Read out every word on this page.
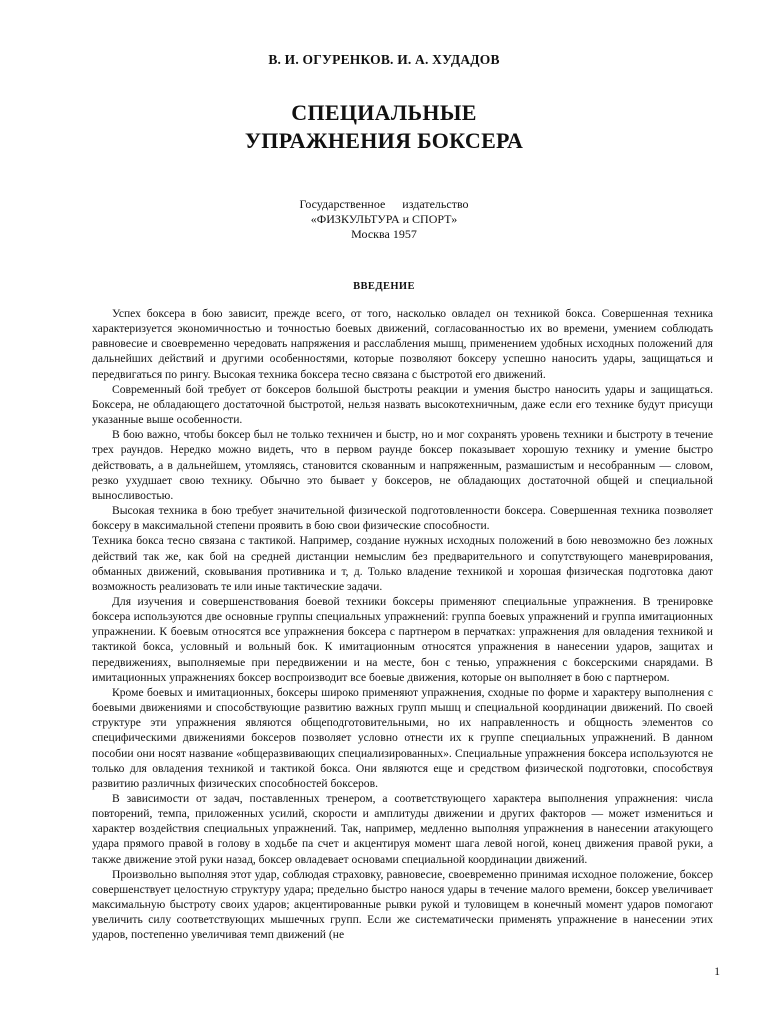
В. И. ОГУРЕНКОВ. И. А. ХУДАДОВ
СПЕЦИАЛЬНЫЕ
УПРАЖНЕНИЯ БОКСЕРА
Государственное издательство
«ФИЗКУЛЬТУРА и СПОРТ»
Москва 1957
ВВЕДЕНИЕ

Успех боксера в бою зависит, прежде всего, от того, насколько овладел он техникой бокса. Совершенная техника характеризуется экономичностью и точностью боевых движений, согласованностью их во времени, умением соблюдать равновесие и своевременно чередовать напряжения и расслабления мышц, применением удобных исходных положений для дальнейших действий и другими особенностями, которые позволяют боксеру успешно наносить удары, защищаться и передвигаться по рингу. Высокая техника боксера тесно связана с быстротой его движений.

Современный бой требует от боксеров большой быстроты реакции и умения быстро наносить удары и защищаться. Боксера, не обладающего достаточной быстротой, нельзя назвать высокотехничным, даже если его технике будут присущи указанные выше особенности.

В бою важно, чтобы боксер был не только техничен и быстр, но и мог сохранять уровень техники и быстроту в течение трех раундов. Нередко можно видеть, что в первом раунде боксер показывает хорошую технику и умение быстро действовать, а в дальнейшем, утомляясь, становится скованным и напряженным, размашистым и несобранным — словом, резко ухудшает свою технику. Обычно это бывает у боксеров, не обладающих достаточной общей и специальной выносливостью.

Высокая техника в бою требует значительной физической подготовленности боксера. Совершенная техника позволяет боксеру в максимальной степени проявить в бою свои физические способности.

Техника бокса тесно связана с тактикой. Например, создание нужных исходных положений в бою невозможно без ложных действий так же, как бой на средней дистанции немыслим без предварительного и сопутствующего маневрирования, обманных движений, сковывания противника и т, д. Только владение техникой и хорошая физическая подготовка дают возможность реализовать те или иные тактические задачи.

Для изучения и совершенствования боевой техники боксеры применяют специальные упражнения. В тренировке боксера используются две основные группы специальных упражнений: группа боевых упражнений и группа имитационных упражнении. К боевым относятся все упражнения боксера с партнером в перчатках: упражнения для овладения техникой и тактикой бокса, условный и вольный бок. К имитационным относятся упражнения в нанесении ударов, защитах и передвижениях, выполняемые при передвижении и на месте, бон с тенью, упражнения с боксерскими снарядами. В имитационных упражнениях боксер воспроизводит все боевые движения, которые он выполняет в бою с партнером.

Кроме боевых и имитационных, боксеры широко применяют упражнения, сходные по форме и характеру выполнения с боевыми движениями и способствующие развитию важных групп мышц и специальной координации движений. По своей структуре эти упражнения являются общеподготовительными, но их направленность и общность элементов со специфическими движениями боксеров позволяет условно отнести их к группе специальных упражнений. В данном пособии они носят название «общеразвивающих специализированных». Специальные упражнения боксера используются не только для овладения техникой и тактикой бокса. Они являются еще и средством физической подготовки, способствуя развитию различных физических способностей боксеров.

В зависимости от задач, поставленных тренером, а соответствующего характера выполнения упражнения: числа повторений, темпа, приложенных усилий, скорости и амплитуды движении и других факторов — может измениться и характер воздействия специальных упражнений. Так, например, медленно выполняя упражнения в нанесении атакующего удара прямого правой в голову в ходьбе па счет и акцентируя момент шага левой ногой, конец движения правой руки, а также движение этой руки назад, боксер овладевает основами специальной координации движений.

Произвольно выполняя этот удар, соблюдая страховку, равновесие, своевременно принимая исходное положение, боксер совершенствует целостную структуру удара; предельно быстро нанося удары в течение малого времени, боксер увеличивает максимальную быстроту своих ударов; акцентированные рывки рукой и туловищем в конечный момент ударов помогают увеличить силу соответствующих мышечных групп. Если же систематически применять упражнение в нанесении этих ударов, постепенно увеличивая темп движений (не

1
